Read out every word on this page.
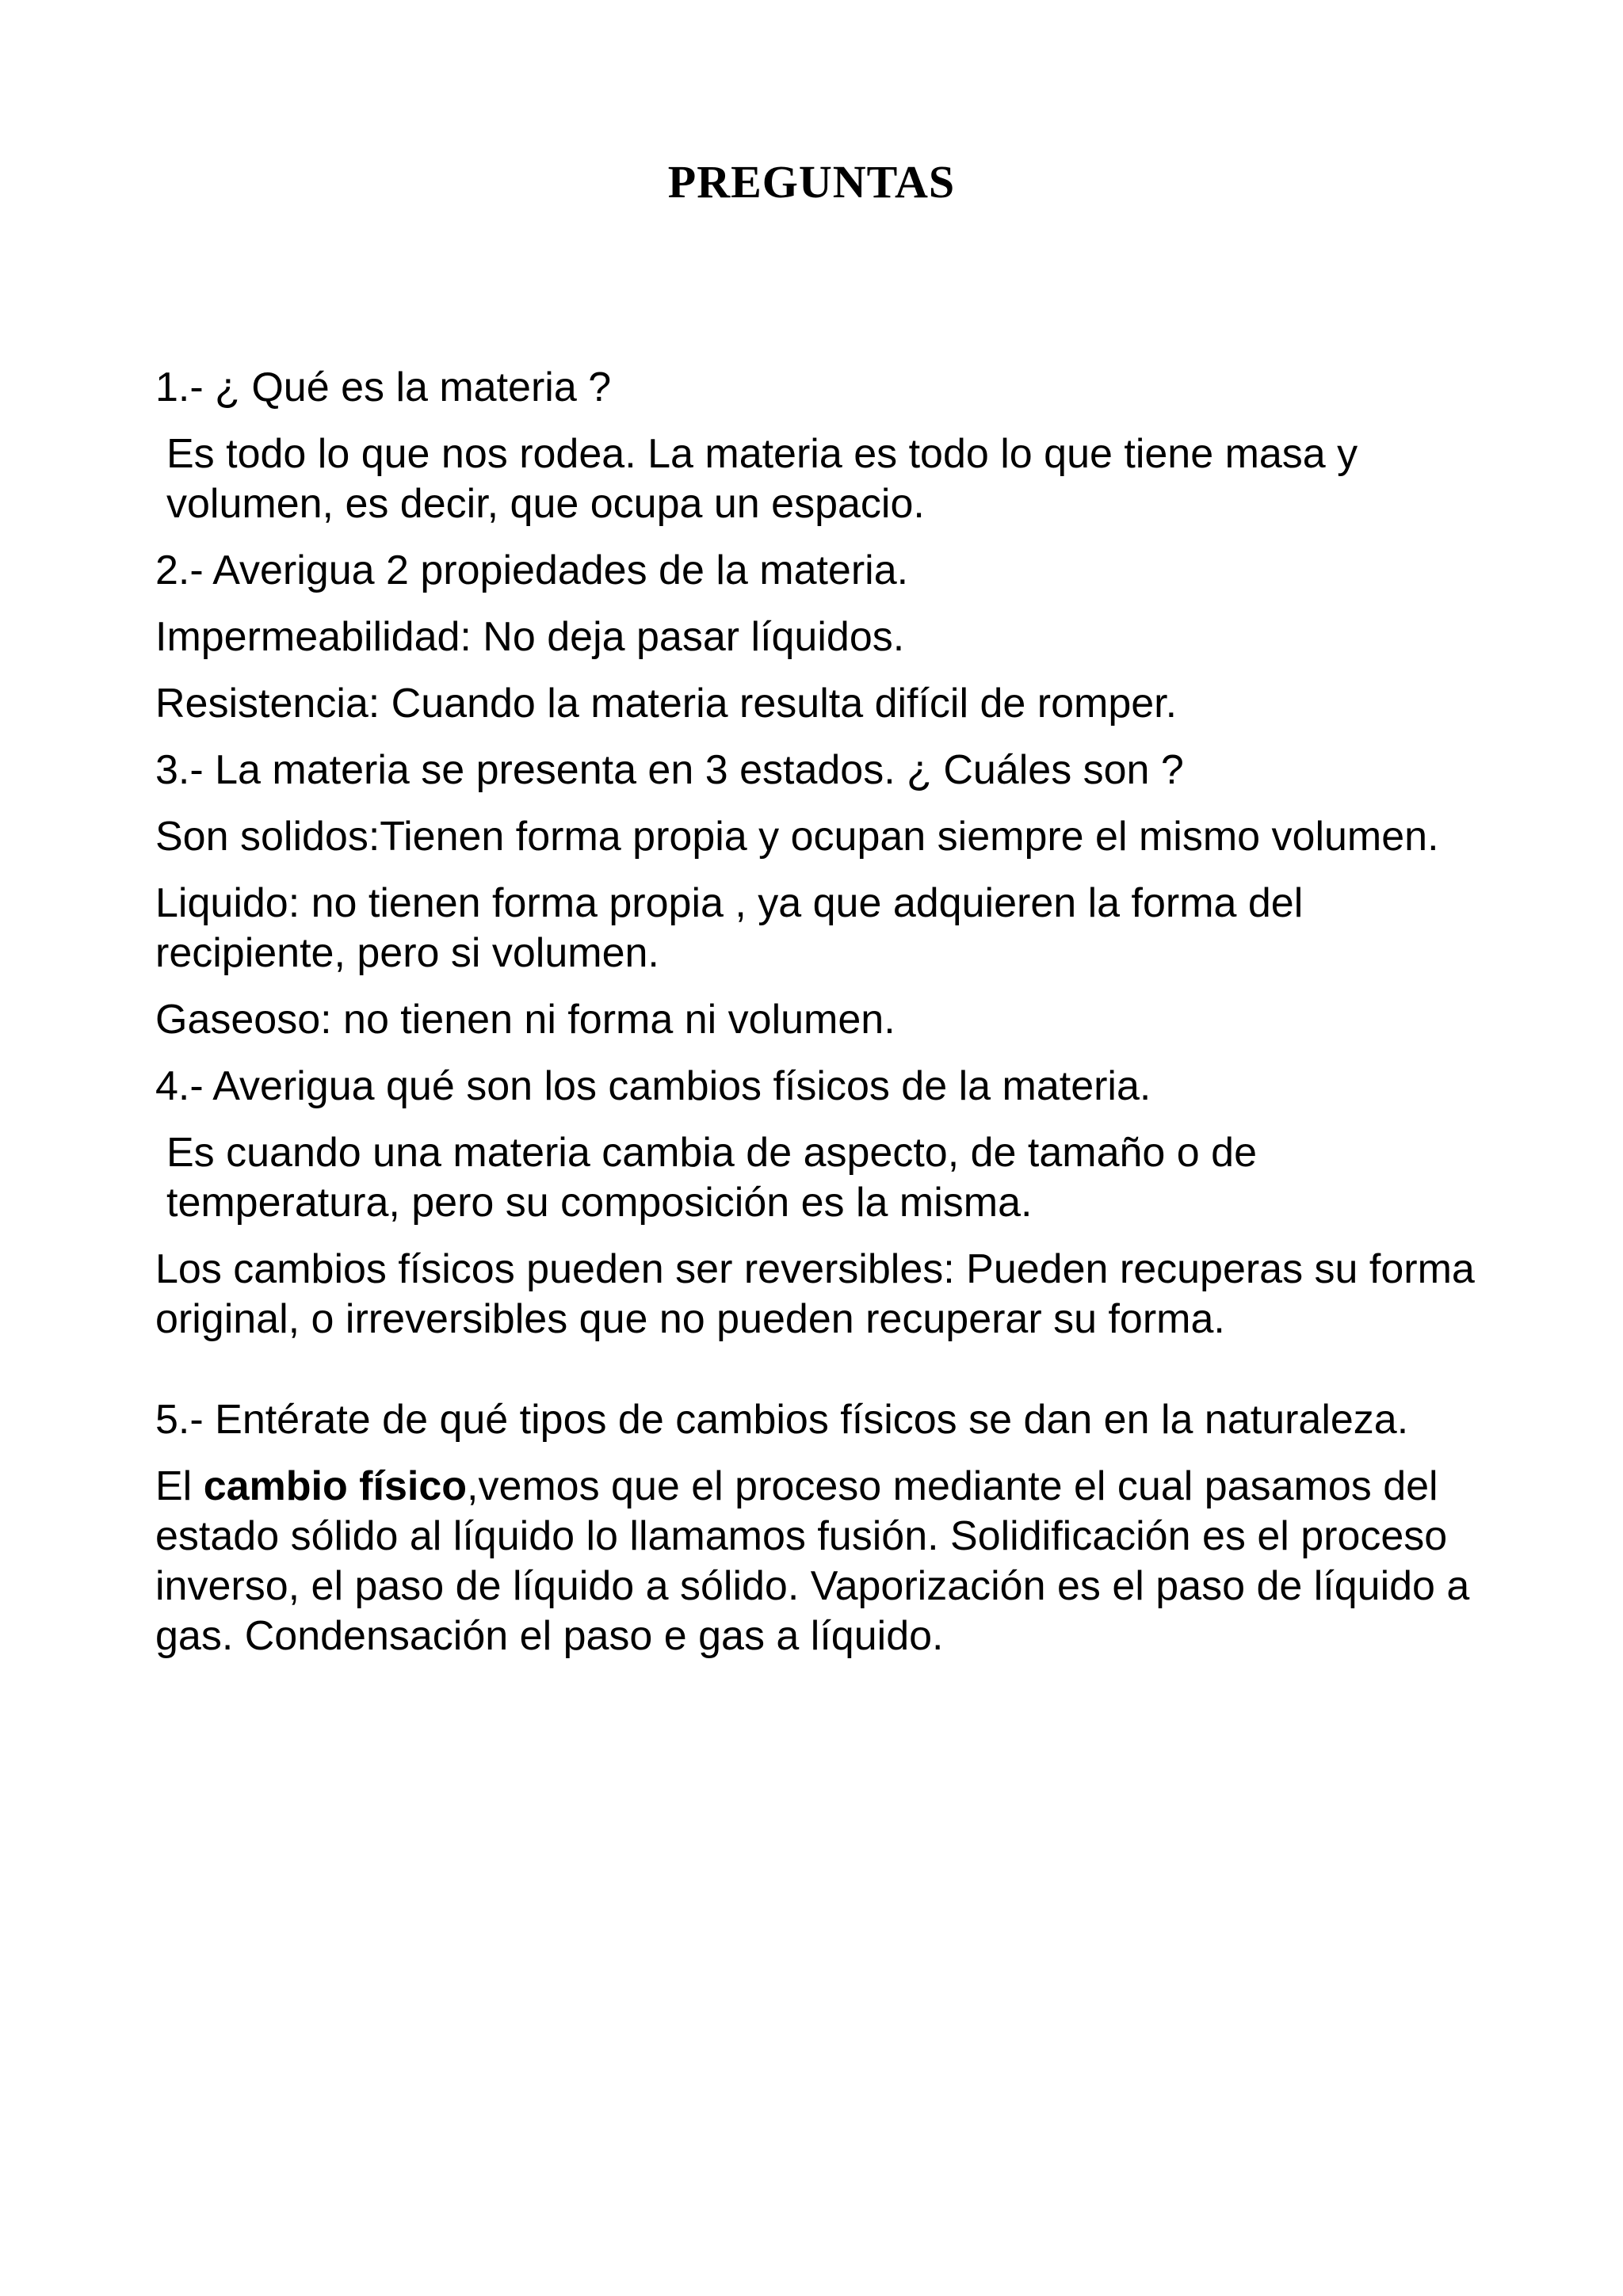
PREGUNTAS

1.- ¿ Qué es la materia ?

Es todo lo que nos rodea. La materia es todo lo que tiene masa y volumen, es decir, que ocupa un espacio.

2.- Averigua 2 propiedades de la materia.

Impermeabilidad: No deja pasar líquidos.

Resistencia: Cuando la materia resulta difícil de romper.

3.- La materia se presenta en 3 estados. ¿ Cuáles son ?

Son solidos:Tienen forma propia y ocupan siempre el mismo volumen.

Liquido: no tienen forma propia , ya que adquieren la forma del recipiente, pero si volumen.

Gaseoso: no tienen ni forma ni volumen.

4.- Averigua qué son los cambios físicos de la materia.

Es cuando una materia cambia de aspecto, de tamaño o de temperatura, pero su composición es la misma.

Los cambios físicos pueden ser reversibles: Pueden recuperas su forma original, o irreversibles que no pueden recuperar su forma.

5.- Entérate de qué tipos de cambios físicos se dan en la naturaleza.

El cambio físico,vemos que el proceso mediante el cual pasamos del estado sólido al líquido lo llamamos fusión. Solidificación es el proceso inverso, el paso de líquido a sólido. Vaporización es el paso de líquido a gas. Condensación el paso e gas a líquido.
